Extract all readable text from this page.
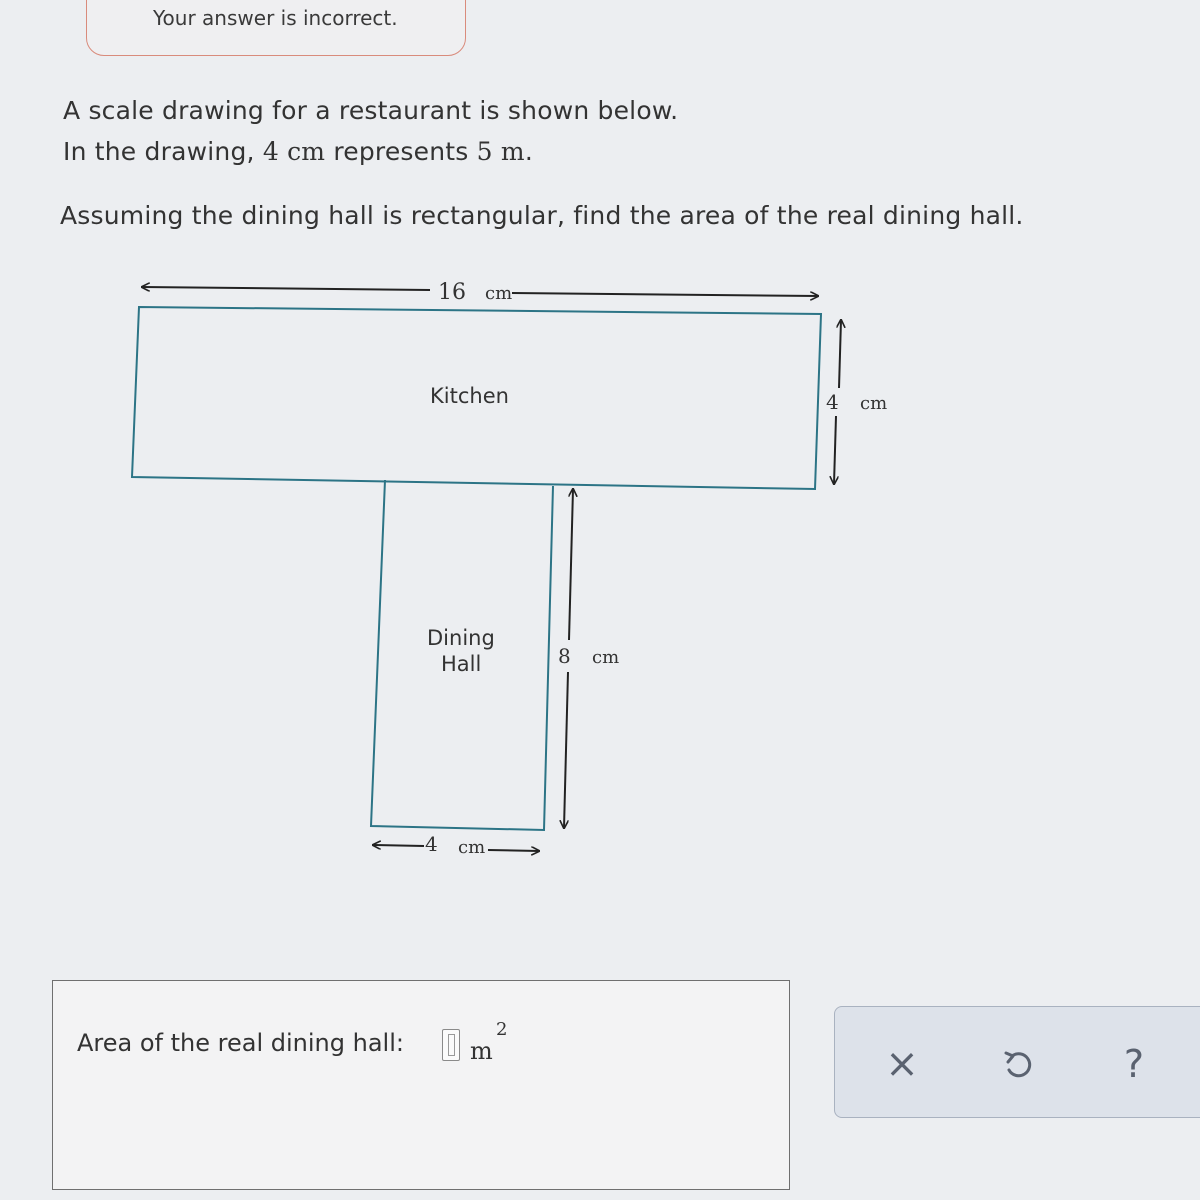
Your answer is incorrect.
A scale drawing for a restaurant is shown below.
In the drawing, 4 cm represents 5 m.
Assuming the dining hall is rectangular, find the area of the real dining hall.
16 cm
4 cm
8 cm
4 cm
Kitchen
Dining
Hall
Area of the real dining hall:	m
2
×	?
